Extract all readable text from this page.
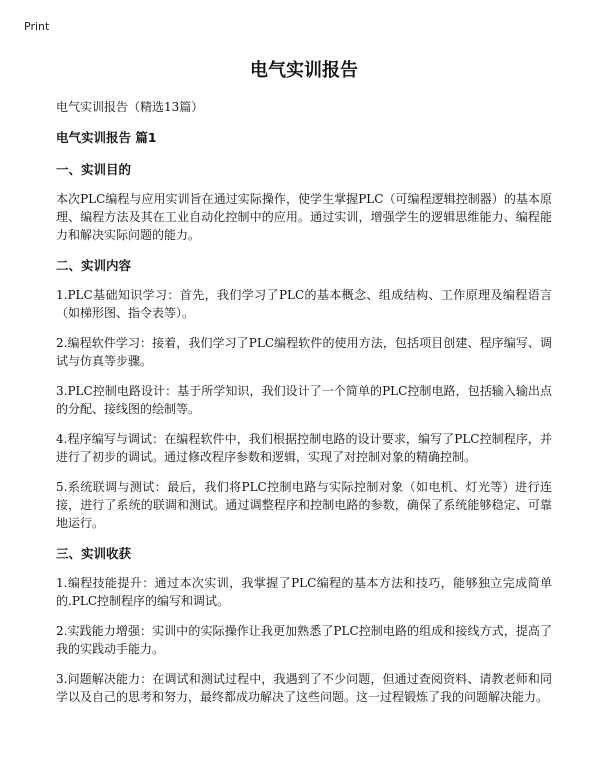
Print
电气实训报告
电气实训报告（精选13篇）
电气实训报告 篇1
一、实训目的

本次PLC编程与应用实训旨在通过实际操作，使学生掌握PLC（可编程逻辑控制器）的基本原理、编程方法及其在工业自动化控制中的应用。通过实训，增强学生的逻辑思维能力、编程能力和解决实际问题的能力。

二、实训内容

1.PLC基础知识学习：首先，我们学习了PLC的基本概念、组成结构、工作原理及编程语言（如梯形图、指令表等）。

2.编程软件学习：接着，我们学习了PLC编程软件的使用方法，包括项目创建、程序编写、调试与仿真等步骤。

3.PLC控制电路设计：基于所学知识，我们设计了一个简单的PLC控制电路，包括输入输出点的分配、接线图的绘制等。

4.程序编写与调试：在编程软件中，我们根据控制电路的设计要求，编写了PLC控制程序，并进行了初步的调试。通过修改程序参数和逻辑，实现了对控制对象的精确控制。

5.系统联调与测试：最后，我们将PLC控制电路与实际控制对象（如电机、灯光等）进行连接，进行了系统的联调和测试。通过调整程序和控制电路的参数，确保了系统能够稳定、可靠地运行。

三、实训收获

1.编程技能提升：通过本次实训，我掌握了PLC编程的基本方法和技巧，能够独立完成简单的.PLC控制程序的编写和调试。

2.实践能力增强：实训中的实际操作让我更加熟悉了PLC控制电路的组成和接线方式，提高了我的实践动手能力。

3.问题解决能力：在调试和测试过程中，我遇到了不少问题，但通过查阅资料、请教老师和同学以及自己的思考和努力，最终都成功解决了这些问题。这一过程锻炼了我的问题解决能力。
